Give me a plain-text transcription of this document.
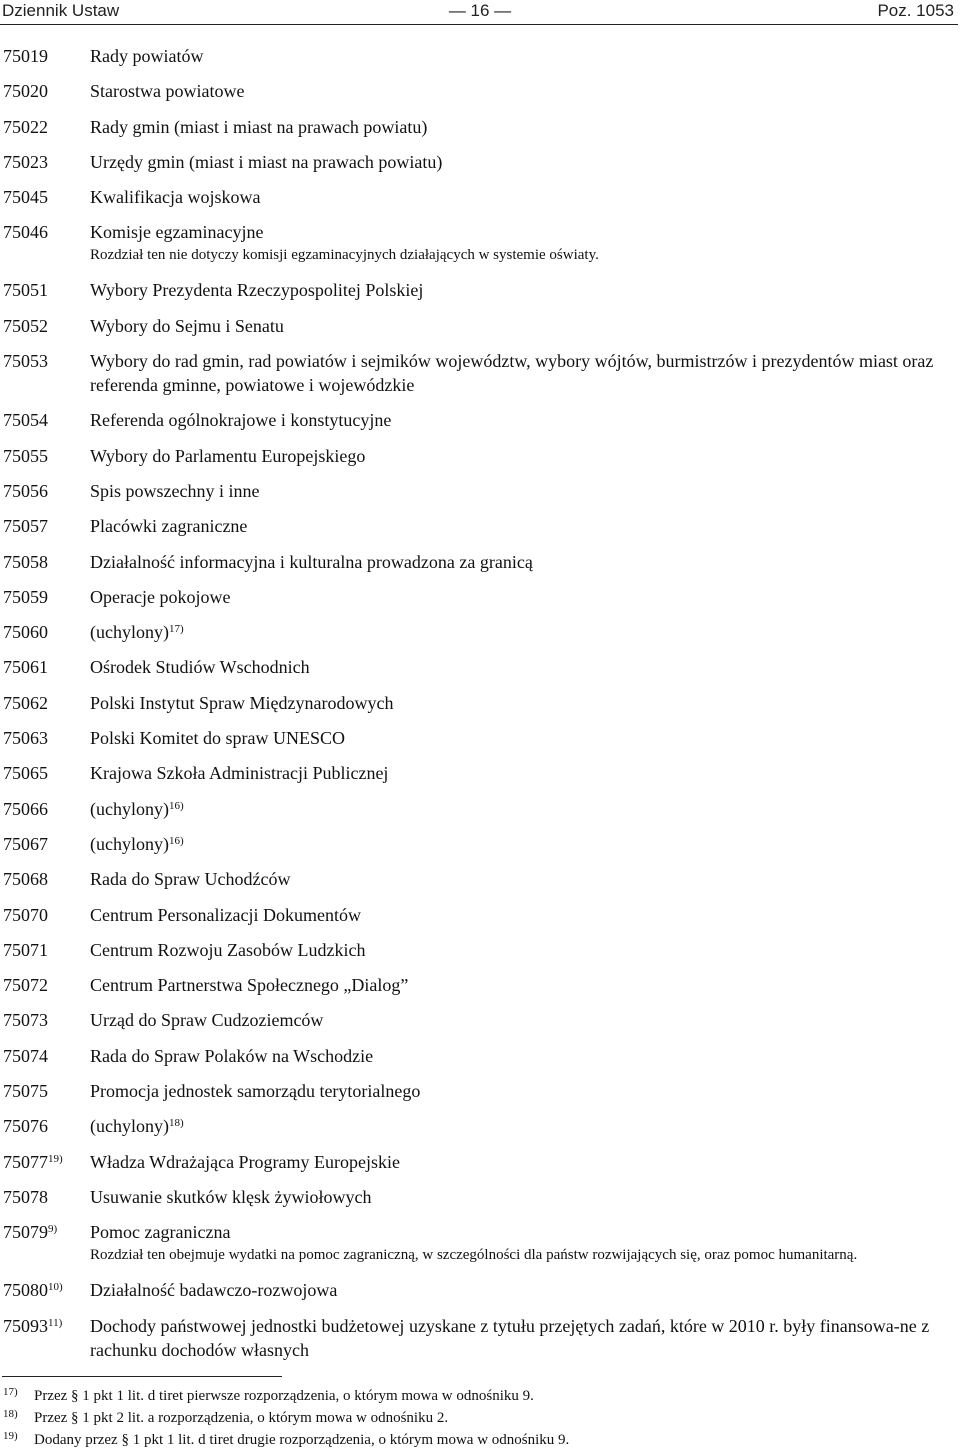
Dziennik Ustaw	— 16 —	Poz. 1053
75019	Rady powiatów
75020	Starostwa powiatowe
75022	Rady gmin (miast i miast na prawach powiatu)
75023	Urzędy gmin (miast i miast na prawach powiatu)
75045	Kwalifikacja wojskowa
75046	Komisje egzaminacyjne
Rozdział ten nie dotyczy komisji egzaminacyjnych działających w systemie oświaty.
75051	Wybory Prezydenta Rzeczypospolitej Polskiej
75052	Wybory do Sejmu i Senatu
75053	Wybory do rad gmin, rad powiatów i sejmików województw, wybory wójtów, burmistrzów i prezydentów miast oraz referenda gminne, powiatowe i wojewódzkie
75054	Referenda ogólnokrajowe i konstytucyjne
75055	Wybory do Parlamentu Europejskiego
75056	Spis powszechny i inne
75057	Placówki zagraniczne
75058	Działalność informacyjna i kulturalna prowadzona za granicą
75059	Operacje pokojowe
75060	(uchylony)$^{17)}$
75061	Ośrodek Studiów Wschodnich
75062	Polski Instytut Spraw Międzynarodowych
75063	Polski Komitet do spraw UNESCO
75065	Krajowa Szkoła Administracji Publicznej
75066	(uchylony)$^{16)}$
75067	(uchylony)$^{16)}$
75068	Rada do Spraw Uchodźców
75070	Centrum Personalizacji Dokumentów
75071	Centrum Rozwoju Zasobów Ludzkich
75072	Centrum Partnerstwa Społecznego „Dialog”
75073	Urząd do Spraw Cudzoziemców
75074	Rada do Spraw Polaków na Wschodzie
75075	Promocja jednostek samorządu terytorialnego
75076	(uchylony)$^{18)}$
75077$^{19)}$	Władza Wdrażająca Programy Europejskie
75078	Usuwanie skutków klęsk żywiołowych
75079$^{9)}$	Pomoc zagraniczna
Rozdział ten obejmuje wydatki na pomoc zagraniczną, w szczególności dla państw rozwijających się, oraz pomoc humanitarną.
75080$^{10)}$	Działalność badawczo-rozwojowa
75093$^{11)}$	Dochody państwowej jednostki budżetowej uzyskane z tytułu przejętych zadań, które w 2010 r. były finansowa-ne z rachunku dochodów własnych
17)	Przez § 1 pkt 1 lit. d tiret pierwsze rozporządzenia, o którym mowa w odnośniku 9.
18)	Przez § 1 pkt 2 lit. a rozporządzenia, o którym mowa w odnośniku 2.
19)	Dodany przez § 1 pkt 1 lit. d tiret drugie rozporządzenia, o którym mowa w odnośniku 9.
